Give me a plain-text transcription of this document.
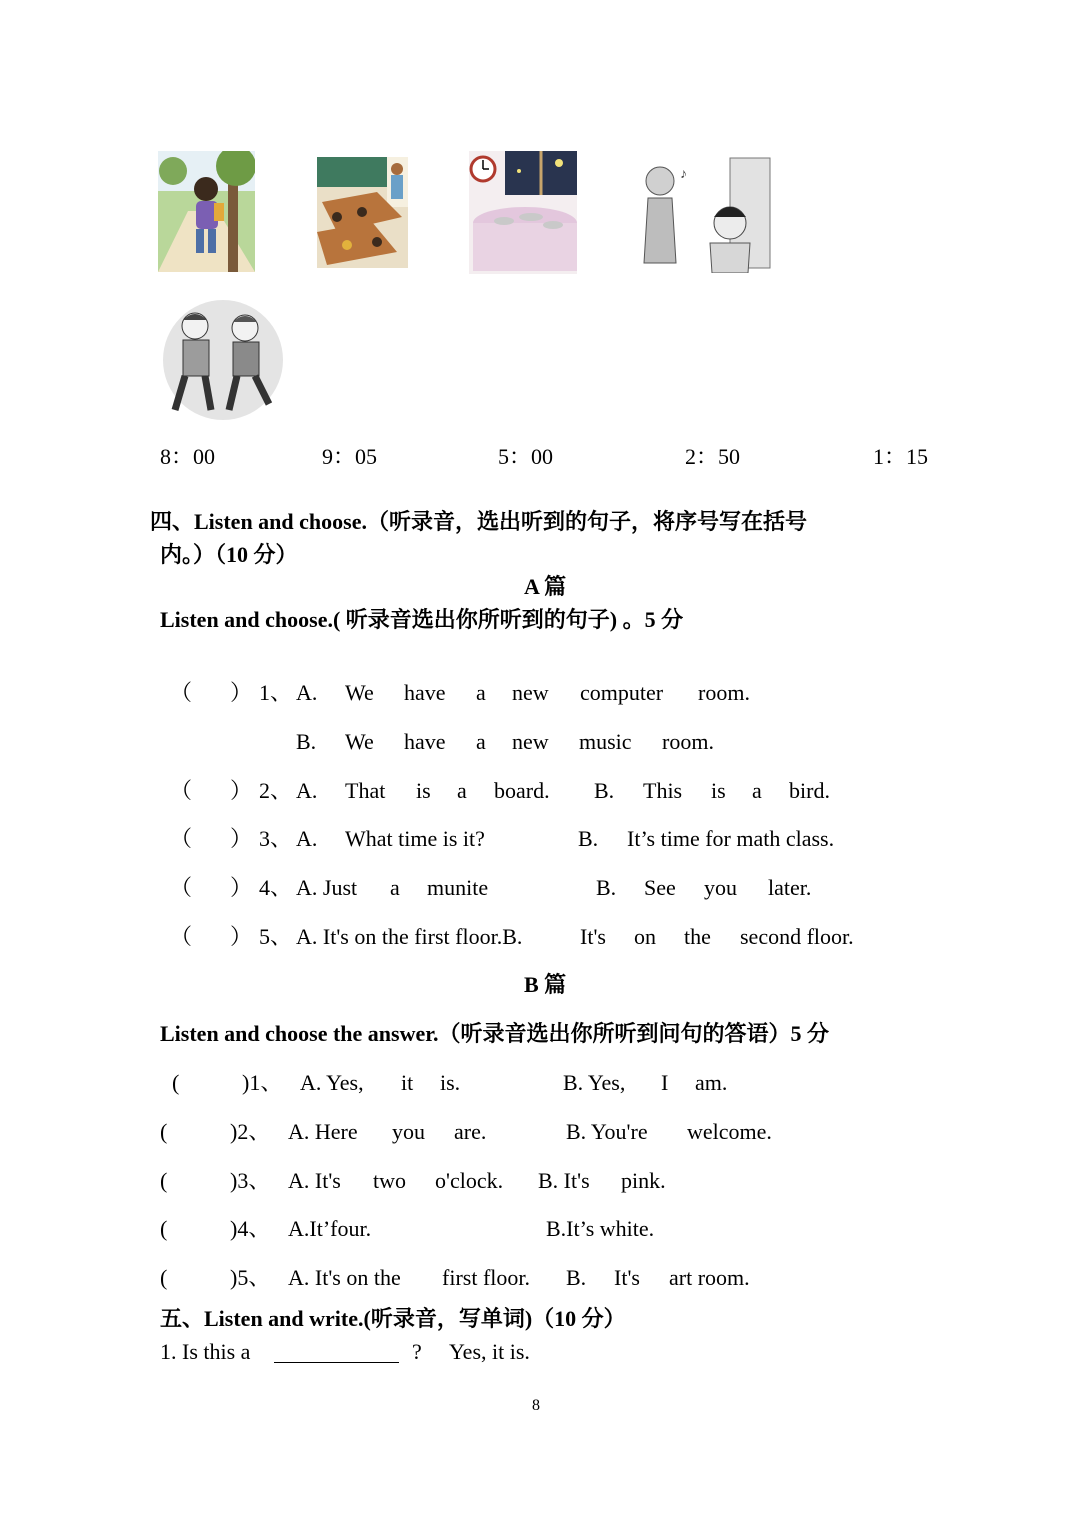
♪
8：00	9：05	5：00	2：50	1：15
四、Listen and choose.（听录音，选出听到的句子，将序号写在括号
内。）（10 分）
A 篇
Listen and choose.( 听录音选出你所听到的句子) 。5 分
（ ） 1、 A. We have a new computer room.
B. We have a new music room.
（ ） 2、 A. That is a board. B. This is a bird.
（ ） 3、 A. What time is it?	B. It’s time for math class.
（ ） 4、 A. Just a munite	B. See you later.
（ ） 5、 A. It's on the first floor.B.	It's on the second floor.
B 篇
Listen and choose the answer.（听录音选出你所听到问句的答语）5 分
(	)1、 A. Yes, it is.	B. Yes, I am.
(	)2、 A. Here you are.	B. You're welcome.
(	)3、 A. It's two o'clock. B. It's pink.
(	)4、 A.It’four.	B.It’s white.
(	)5、 A. It's on the first floor. B. It's art room.
五、Listen and write.(听录音，写单词)（10 分）
1. Is this a	? Yes, it is.
8
